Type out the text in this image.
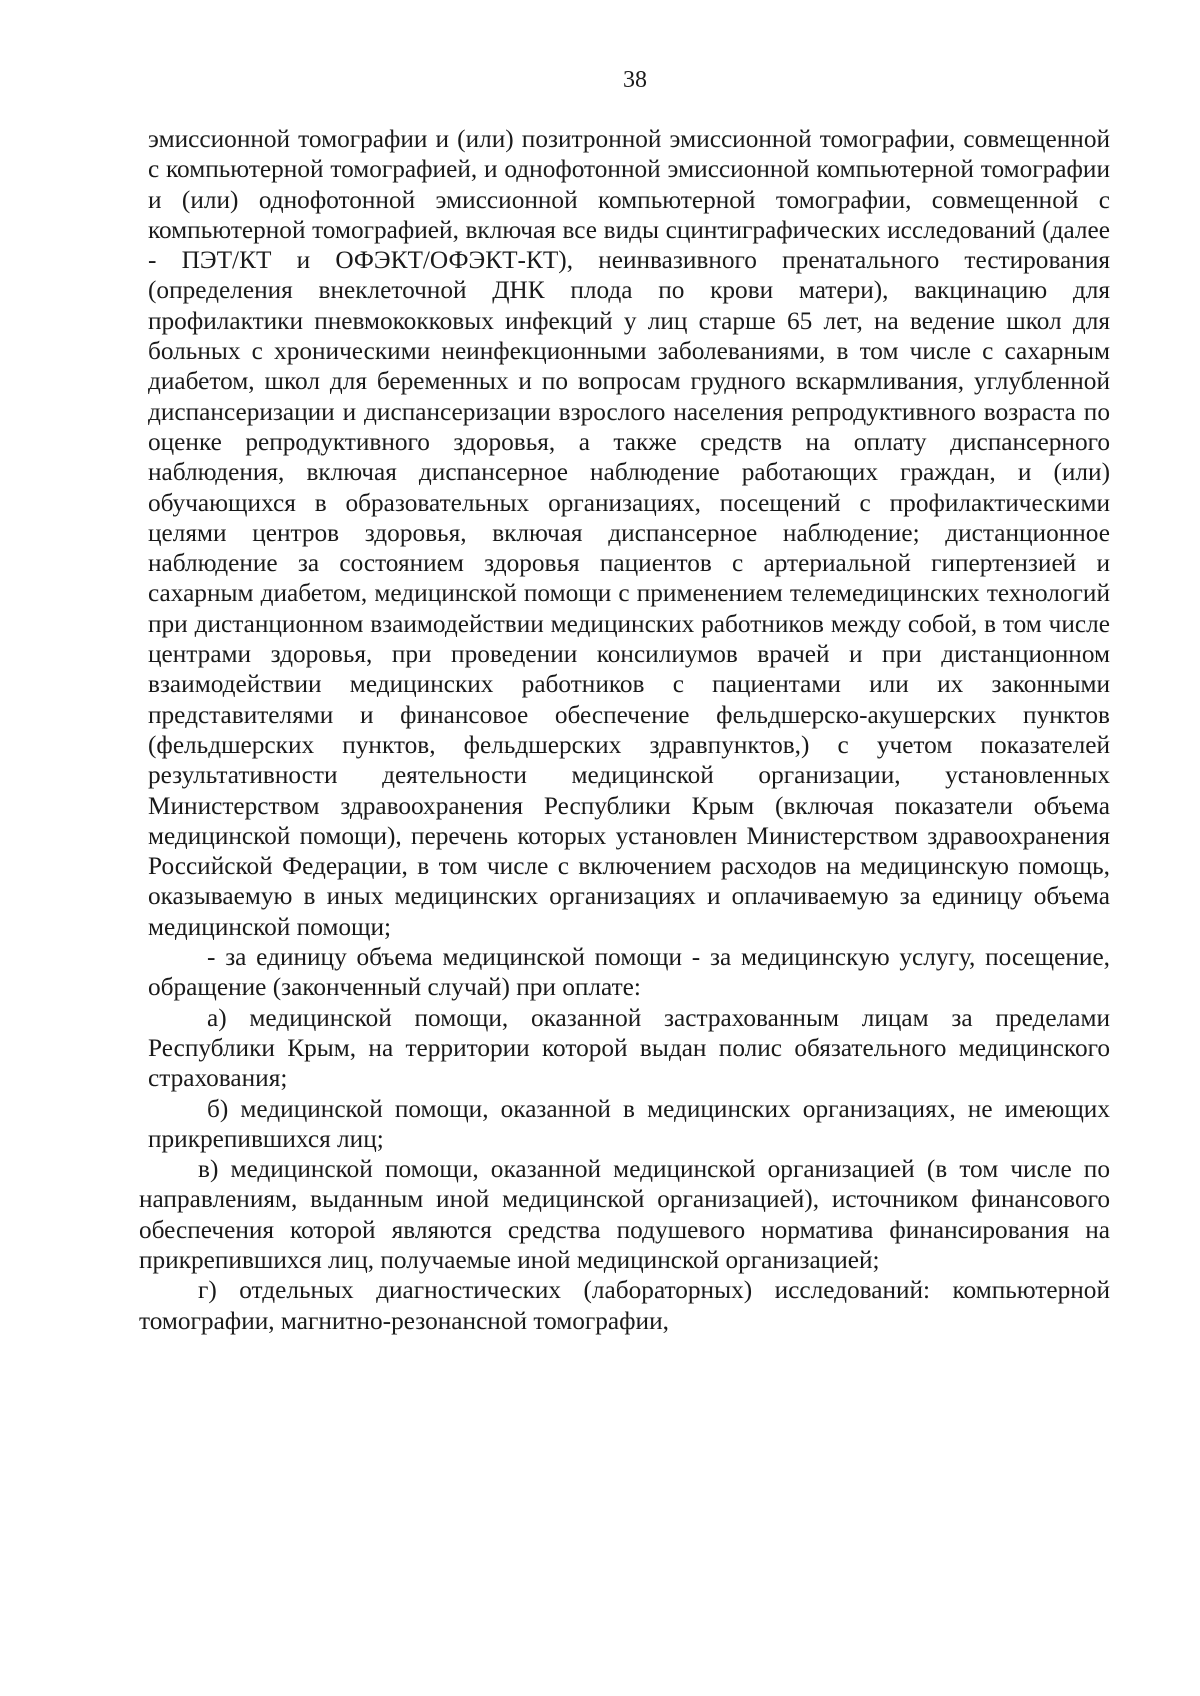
38

эмиссионной томографии и (или) позитронной эмиссионной томографии, совмещенной с компьютерной томографией, и однофотонной эмиссионной компьютерной томографии и (или) однофотонной эмиссионной компьютерной томографии, совмещенной с компьютерной томографией, включая все виды сцинтиграфических исследований (далее - ПЭТ/КТ и ОФЭКТ/ОФЭКТ-КТ), неинвазивного пренатального тестирования (определения внеклеточной ДНК плода по крови матери), вакцинацию для профилактики пневмококковых инфекций у лиц старше 65 лет, на ведение школ для больных с хроническими неинфекционными заболеваниями, в том числе с сахарным диабетом, школ для беременных и по вопросам грудного вскармливания, углубленной диспансеризации и диспансеризации взрослого населения репродуктивного возраста по оценке репродуктивного здоровья, а также средств на оплату диспансерного наблюдения, включая диспансерное наблюдение работающих граждан, и (или) обучающихся в образовательных организациях, посещений с профилактическими целями центров здоровья, включая диспансерное наблюдение; дистанционное наблюдение за состоянием здоровья пациентов с артериальной гипертензией и сахарным диабетом, медицинской помощи с применением телемедицинских технологий при дистанционном взаимодействии медицинских работников между собой, в том числе центрами здоровья, при проведении консилиумов врачей и при дистанционном взаимодействии медицинских работников с пациентами или их законными представителями и финансовое обеспечение фельдшерско-акушерских пунктов (фельдшерских пунктов, фельдшерских здравпунктов,) с учетом показателей результативности деятельности медицинской организации, установленных Министерством здравоохранения Республики Крым (включая показатели объема медицинской помощи), перечень которых установлен Министерством здравоохранения Российской Федерации, в том числе с включением расходов на медицинскую помощь, оказываемую в иных медицинских организациях и оплачиваемую за единицу объема медицинской помощи;

- за единицу объема медицинской помощи - за медицинскую услугу, посещение, обращение (законченный случай) при оплате:

а) медицинской помощи, оказанной застрахованным лицам за пределами Республики Крым, на территории которой выдан полис обязательного медицинского страхования;

б) медицинской помощи, оказанной в медицинских организациях, не имеющих прикрепившихся лиц;

в) медицинской помощи, оказанной медицинской организацией (в том числе по направлениям, выданным иной медицинской организацией), источником финансового обеспечения которой являются средства подушевого норматива финансирования на прикрепившихся лиц, получаемые иной медицинской организацией;

г) отдельных диагностических (лабораторных) исследований: компьютерной томографии, магнитно-резонансной томографии,
